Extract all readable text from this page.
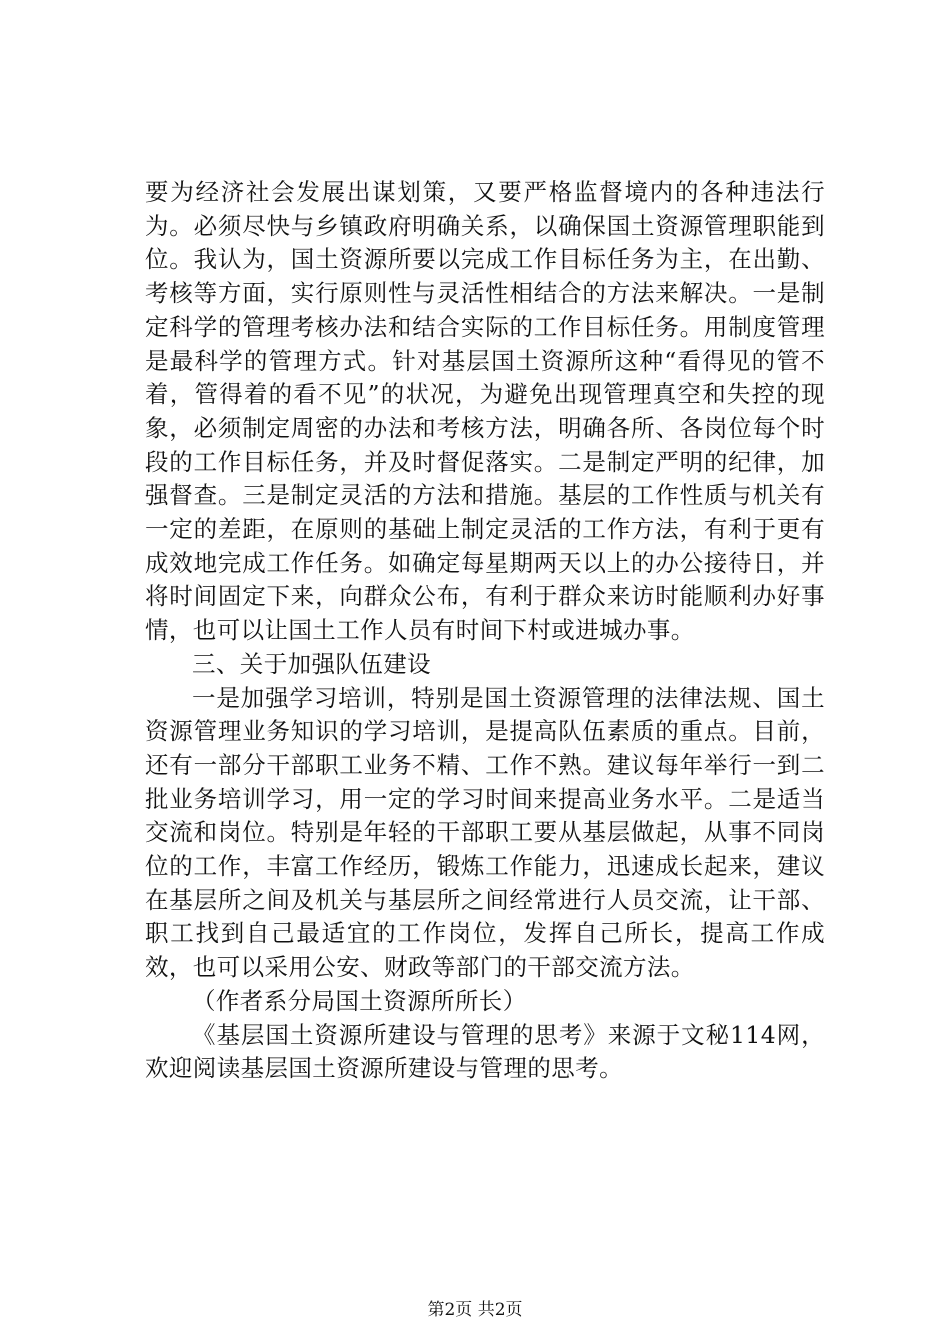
要为经济社会发展出谋划策，又要严格监督境内的各种违法行为。必须尽快与乡镇政府明确关系，以确保国土资源管理职能到位。我认为，国土资源所要以完成工作目标任务为主，在出勤、考核等方面，实行原则性与灵活性相结合的方法来解决。一是制定科学的管理考核办法和结合实际的工作目标任务。用制度管理是最科学的管理方式。针对基层国土资源所这种“看得见的管不着，管得着的看不见”的状况，为避免出现管理真空和失控的现象，必须制定周密的办法和考核方法，明确各所、各岗位每个时段的工作目标任务，并及时督促落实。二是制定严明的纪律，加强督查。三是制定灵活的方法和措施。基层的工作性质与机关有一定的差距，在原则的基础上制定灵活的工作方法，有利于更有成效地完成工作任务。如确定每星期两天以上的办公接待日，并将时间固定下来，向群众公布，有利于群众来访时能顺利办好事情，也可以让国土工作人员有时间下村或进城办事。

三、关于加强队伍建设

一是加强学习培训，特别是国土资源管理的法律法规、国土资源管理业务知识的学习培训，是提高队伍素质的重点。目前，还有一部分干部职工业务不精、工作不熟。建议每年举行一到二批业务培训学习，用一定的学习时间来提高业务水平。二是适当交流和岗位。特别是年轻的干部职工要从基层做起，从事不同岗位的工作，丰富工作经历，锻炼工作能力，迅速成长起来，建议在基层所之间及机关与基层所之间经常进行人员交流，让干部、职工找到自己最适宜的工作岗位，发挥自己所长，提高工作成效，也可以采用公安、财政等部门的干部交流方法。

（作者系分局国土资源所所长）

《基层国土资源所建设与管理的思考》来源于文秘114网，欢迎阅读基层国土资源所建设与管理的思考。

第2页 共2页
